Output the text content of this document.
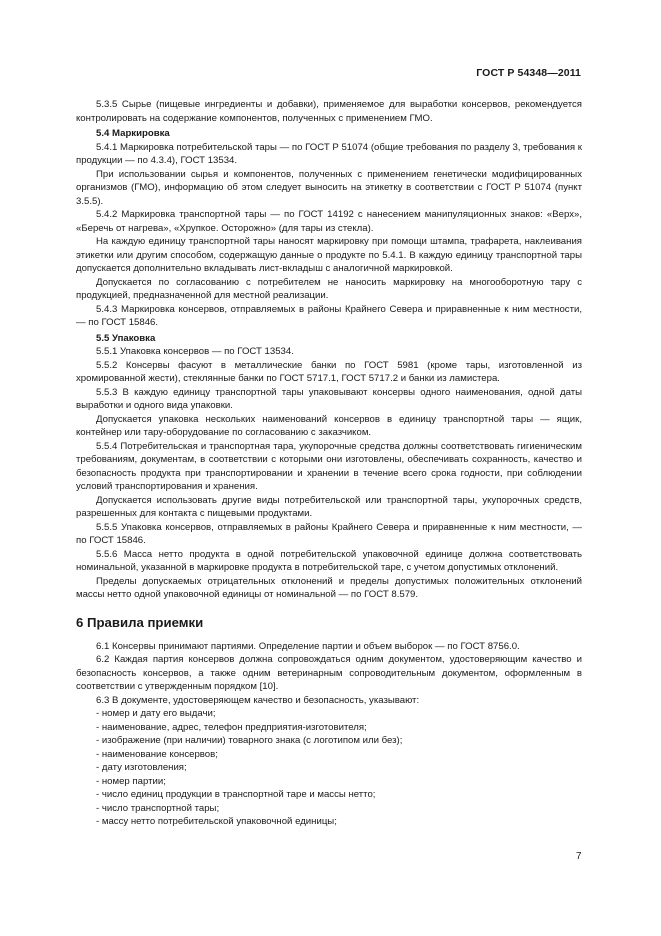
ГОСТ Р 54348—2011

5.3.5 Сырье (пищевые ингредиенты и добавки), применяемое для выработки консервов, рекомендуется контролировать на содержание компонентов, полученных с применением ГМО.

5.4 Маркировка

5.4.1 Маркировка потребительской тары — по ГОСТ Р 51074 (общие требования по разделу 3, требования к продукции — по 4.3.4), ГОСТ 13534.

При использовании сырья и компонентов, полученных с применением генетически модифицированных организмов (ГМО), информацию об этом следует выносить на этикетку в соответствии с ГОСТ Р 51074 (пункт 3.5.5).

5.4.2 Маркировка транспортной тары — по ГОСТ 14192 с нанесением манипуляционных знаков: «Верх», «Беречь от нагрева», «Хрупкое. Осторожно» (для тары из стекла).

На каждую единицу транспортной тары наносят маркировку при помощи штампа, трафарета, наклеивания этикетки или другим способом, содержащую данные о продукте по 5.4.1. В каждую единицу транспортной тары допускается дополнительно вкладывать лист-вкладыш с аналогичной маркировкой.

Допускается по согласованию с потребителем не наносить маркировку на многооборотную тару с продукцией, предназначенной для местной реализации.

5.4.3 Маркировка консервов, отправляемых в районы Крайнего Севера и приравненные к ним местности, — по ГОСТ 15846.

5.5 Упаковка

5.5.1 Упаковка консервов — по ГОСТ 13534.

5.5.2 Консервы фасуют в металлические банки по ГОСТ 5981 (кроме тары, изготовленной из хромированной жести), стеклянные банки по ГОСТ 5717.1, ГОСТ 5717.2 и банки из ламистера.

5.5.3 В каждую единицу транспортной тары упаковывают консервы одного наименования, одной даты выработки и одного вида упаковки.

Допускается упаковка нескольких наименований консервов в единицу транспортной тары — ящик, контейнер или тару-оборудование по согласованию с заказчиком.

5.5.4 Потребительская и транспортная тара, укупорочные средства должны соответствовать гигиеническим требованиям, документам, в соответствии с которыми они изготовлены, обеспечивать сохранность, качество и безопасность продукта при транспортировании и хранении в течение всего срока годности, при соблюдении условий транспортирования и хранения.

Допускается использовать другие виды потребительской или транспортной тары, укупорочных средств, разрешенных для контакта с пищевыми продуктами.

5.5.5 Упаковка консервов, отправляемых в районы Крайнего Севера и приравненные к ним местности, — по ГОСТ 15846.

5.5.6 Масса нетто продукта в одной потребительской упаковочной единице должна соответствовать номинальной, указанной в маркировке продукта в потребительской таре, с учетом допустимых отклонений.

Пределы допускаемых отрицательных отклонений и пределы допустимых положительных отклонений массы нетто одной упаковочной единицы от номинальной — по ГОСТ 8.579.

6 Правила приемки

6.1 Консервы принимают партиями. Определение партии и объем выборок — по ГОСТ 8756.0.

6.2 Каждая партия консервов должна сопровождаться одним документом, удостоверяющим качество и безопасность консервов, а также одним ветеринарным сопроводительным документом, оформленным в соответствии с утвержденным порядком [10].

6.3 В документе, удостоверяющем качество и безопасность, указывают:

- номер и дату его выдачи;

- наименование, адрес, телефон предприятия-изготовителя;

- изображение (при наличии) товарного знака (с логотипом или без);

- наименование консервов;

- дату изготовления;

- номер партии;

- число единиц продукции в транспортной таре и массы нетто;

- число транспортной тары;

- массу нетто потребительской упаковочной единицы;

7
